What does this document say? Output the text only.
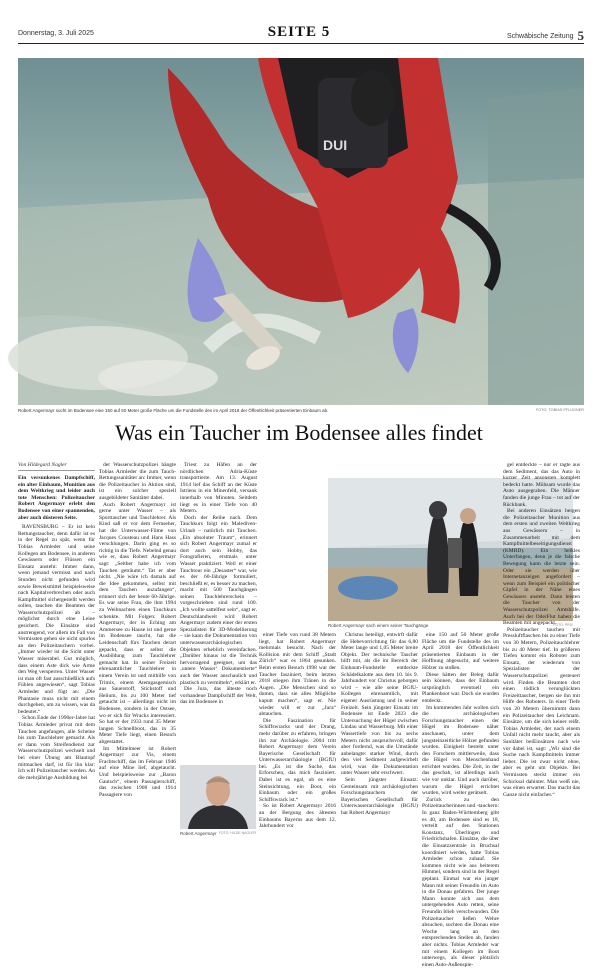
Donnerstag, 3. Juli 2025	SEITE 5	Schwäbische Zeitung 5
DUI
Robert Angermayr sucht im Bodensee eine 150 auf 50 Meter große Fläche um die Fundstelle des im April 2018 der Öffentlichkeit präsentierten Einbaum ab.	FOTO: TOBIAS PFLÜGNER
Was ein Taucher im Bodensee alles findet
Von Hildegard Nagler

Ein versunkenes Dampfschiff, ein alter Einbaum, Munition aus dem Weltkrieg und leider auch tote Menschen: Polizeitaucher Robert Angermayr erlebt den Bodensee von einer spannenden, aber auch düsteren Seite.

RAVENSBURG – Er ist kein Rettungstaucher, denn dafür ist es in der Regel zu spät, wenn für Tobias Armleder und seine Kollegen am Bodensee, in anderen Gewässern oder Flüssen ein Einsatz ansteht: Immer dann, wenn jemand vermisst und nach Stunden nicht gefunden wird sowie Beweismittel beispielsweise nach Kapitalverbrechen oder auch Kampfmittel sichergestellt werden sollen, tauchen die Beamten der Wasserschutzpolizei ab – möglichst durch eine Leine gesichert. Die Einsätze sind anstrengend, vor allem im Fall von Vermissten gehen sie nicht spurlos an den Polizeitauchern vorbei. „Immer wieder ist die Sicht unter Wasser miserabel. Gut möglich, dass einem Aste dick wie Arme den Weg versperren. Unter Wasser ist man oft fast ausschließlich aufs Fühlen angewiesen“, sagt Tobias Armleder und fügt an: „Die Phantasie muss nicht mit einem durchgehen, um zu wissen, was da bedeutet.“

Schon Ende der 1990er-Jahre hat Tobias Armleder privat mit dem Tauchen angefangen, alle Scheine bis zum Tauchlehrer gemacht. Als er dann vom Streifendienst zur Wasserschutzpolizei wechselt und bei einer Übung am Blautopf mitmachen darf, ist für ihn klar: Ich will Polizeitaucher werden. An die mehrjährige Ausbildung bei

der Wasserschutzpolizei hängte Tobias Armleder die zum Tauch-Rettungssanitäter an: Immer, wenn die Polizeitaucher in Aktion sind, ist ein solcher speziell ausgebildeter Sanitäter dabei.

Auch Robert Angermayr ist gerne unter Wasser – als Sporttaucher und Tauchlehrer. Als Kind saß er vor dem Fernseher, hat die Unterwasser-Filme von Jacques Cousteau und Hans Hass verschlungen. Darin ging es so richtig in die Tiefe. Nebelnd genau wie er, dass Robert Angermayr sagt: „Seither habe ich vom Tauchen geträumt.“ Tat er aber nicht. „Nie wäre ich damals auf die Idee gekommen, selbst mit dem Tauchen anzufangen“, erinnert sich der heute 60-Jährige. Es war seine Frau, die ihm 1994 zu Weihnachten einen Tauchkurs schenkte. Mit Folgen: Robert Angermayr, der in Eching am Ammersee zu Hause ist und gerne im Bodensee taucht, hat die Leidenschaft fürs Tauchen derart gepackt, dass er selbst die Ausbildung zum Tauchlehrer gemacht hat. In seiner Freizeit ehrenamtlicher Tauchlehrer in einem Verein ist und mithilfe von Trimix, einem Atemgasgemisch aus Sauerstoff, Stickstoff und Helium, bis zu 100 Meter tief getaucht ist – allerdings nicht im Bodensee, sondern in der Ostsee, wo er sich für Wracks interessiert. So hat er der 1933 rund 35 Meter langen Schnellboot, das in 35 Meter Tiefe liegt, einen Besuch abgestattet.

Im Mittelmeer ist Robert Angermayr zur Vis, einem Frachtschiff, das im Februar 1946 auf eine Mine lief, abgetaucht. Und beispielsweise zur „Baron Gautsch“, einem Passagierschiff, das zwischen 1908 und 1914 Passagiere von

Triest zu Häfen an der nördlichen Adria-Küste transportierte. Am 13. August 1914 lief das Schiff an der Küste Istriens in ein Minenfeld, versank innerhalb von Minuten. Seitdem liegt es in einer Tiefe von 40 Metern.

Doch der Reihe nach. Dem Tauchkurs folgt ein Malediven-Urlaub – natürlich mit Tauchen. „Ein absoluter Traum“, erinnert sich Robert Angermayr zumal er dort auch sein Hobby, das Fotografieren, erstmals unter Wasser praktiziert. Weil er einer Tauchtour ein „Desaster“ war, wie es der 60-Jährige formuliert, beschließt er, es besser zu machen, macht mit 500 Tauchgängen seinen Tauchlehrerschein – vorgeschrieben sind rund 100. „Ich wollte sattelfest sein“, sagt er. Deutschlandweit wird Robert Angermayr zudem einer der ersten Spezialisten für 3D-Modellierung – sie kann die Dokumentation von unterwasserarchäologischen Objekten erheblich vereinfachen. „Darüber hinaus ist die Technik hervorragend geeignet, um das ‚untere Wasser‘ Dokumentierte“ auch der Wasser anschaulich und plastisch zu vermitteln“, erklärt er.

Die Jura, das älteste noch vorhandene Dampfschiff der Welt, das im Bodensee in

Robert Angermayr nach einem seiner Tauchgänge.	FOTO: PRIV

einer Tiefe von rund 38 Metern liegt, hat Robert Angermayr mehrmals besucht. Nach der Kollision mit dem Schiff „Stadt Zürich“ war es 1864 gesunken. Beim ersten Besuch 1998 war der Taucher fasziniert, beim letzten 2018 stiegen ihm Tränen in die Augen. „Die Menschen sind so dumm, dass sie alles Mögliche kaputt machen“, sagt er. Nie wieder will er zur „Jura“ abtauchen.

Die Faszination für Schiffswracks und der Drang, mehr darüber zu erfahren, bringen ihn zur Archäologie. 2004 tritt Robert Angermayr dem Verein Bayerische Gesellschaft für Unterwasserarchäologie (BGfU) bei. „Es ist die Suche, das Erforschen, das mich fasziniert. Dabei ist es egal, ob es eine Steinsichtung, ein Boot, ein Einbaum oder ein großes Schiffswrack ist.“

So ist Robert Angermayr 2016 an der Bergung des ältesten Einbaums Bayerns aus dem 12. Jahrhundert vor

Robert Angermayr FOTO: HILDE NAGLER

Christus beteiligt, entwirft dafür die Hebevorrichtung für das 6,80 Meter lange und 1,05 Meter breite Objekt. Der technische Taucher hilft mit, als die im Bereich der Einbaum-Fundstelle entdeckte Schädelkalotte aus dem 10. bis 9. Jahrhundert vor Christus geborgen wird – wie alle seine BGfU-Kollegen ehrenamtlich, mit eigener Ausrüstung und in seiner Freizeit. Sein jüngster Einsatz im Bodensee ist Ende 2023 die Untersuchung der Hügel zwischen Lindau und Wasserburg. Mit einer Wassertiefe von bis zu sechs Metern nicht anspruchsvoll, dafür aber fordernd, was die Umstände anbelangte: starker Wind, durch den viel Sediment aufgewirbelt wird, was die Dokumentation unter Wasser sehr erschwert.

Sein jüngster Einsatz: Gemeinsam mit archäologischen Forschungstauchern der Bayerischen Gesellschaft für Unterwasserarchäologie (BGfU) hat Robert Angermayr

eine 150 auf 50 Meter große Fläche um die Fundstelle des im April 2018 der Öffentlichkeit präsentierten Einbaum in der Hoffnung abgesucht, auf weitere Hölzer zu stoßen.

Diese hätten der Beleg dafür sein können, dass der Einbaum ursprünglich eventuell ein Plankenboot war. Doch sie wurden entdeckt.

Im kommenden Jahr wollen sich die archäologischen Forschungstaucher einen der Hügel im Bodensee näher anschauen, unter dem jungsteinzeitliche Hölzer gefunden wurden. Einigkeit besteht unter den Forschern mittlerweile, dass die Hügel von Menschenhand errichtet wurden. Die Zeit, in der das geschah, ist allerdings nach wie vor unklar. Und auch darüber, warum die Hügel errichtet wurden, wird weiter gerätselt.

Zurück zu den Polizeitaucherinnen und -tauchern: In ganz Baden-Württemberg gibt es 40, am Bodensee sind es 18, verteilt auf den Stationen Konstanz, Überlingen und Friedrichshafen. Einsätze, die über die Einsatzzentrale in Bruchsal koordiniert werden, hatte Tobias Armleder schon zuhauf. Sie kommen nicht wie aus heiterem Himmel, sondern sind in der Regel geplant. Einmal war ein junger Mann mit seiner Freundin im Auto in die Donau gefahren. Der junge Mann konnte sich aus dem untergehenden Auto retten, seine Freundin blieb verschwunden. Die Polizeitaucher ließen Wehre absuchen, suchten die Donau eine Woche lang an den entsprechenden Stellen ab, fanden aber nichts. Tobias Armleder war mit einem Kollegen im Boot unterwegs, als dieser plötzlich einen Auto-Außenspie-

gel entdeckte – nur er ragte aus dem Sediment, das das Auto in kurzer Zeit ansonsten komplett bedeckt hatte. Mühsam wurde das Auto ausgegraben. Die Männer fanden die junge Frau – tot auf der Rückbank.

Bei anderen Einsätzen bergen die Polizeitaucher Munition aus dem ersten und zweiten Weltkrieg aus Gewässern – in Zusammenarbeit mit dem Kampfmittelbeseitigungsdienst (KMBD). Ein heikles Unterfangen, denn je die falsche Bewegung kann die letzte sein. Oder sie werden über Internetanzeigen angefordert – wenn zum Beispiel ein politischer Gipfel in der Nähe eines Gewässers ansteht. Dann leisten die Taucher von der Wasserschutzpolizei Amtshilfe. Auch bei der OderFlut haben die Beamten mit angepackt.

Polizeitaucher tauchen mit Pressluftflaschen bis zu einer Tiefe von 30 Metern, Polizeitauchlehrer bis zu 40 Meter tief. In größeren Tiefen kommt ein Roboter zum Einsatz, der wiederum von Spezialisten der Wasserschutzpolizei gesteuert wird. Finden die Beamten dort einen tödlich verunglückten Freizeittaucher, bergen sie ihn mit Hilfe des Roboters. In einer Tiefe von 20 Metern übernimmt dann ein Polizeitaucher den Leichnam. Einsätze, um die sich keiner reißt. Tobias Armleder, der nach einem Unfall nicht mehr taucht, aber als Sanitäter beiEinsätzen nach wie vor dabei ist, sagt: „Wir sind die Suche nach Kampfmitteln immer lieber. Die ist zwar nicht ohne, aber es geht um Objekte. Bei Vermissten steckt immer ein Schicksal dahinter. Man weiß nie, was einen erwartet. Das macht das Ganze nicht einfacher.“
